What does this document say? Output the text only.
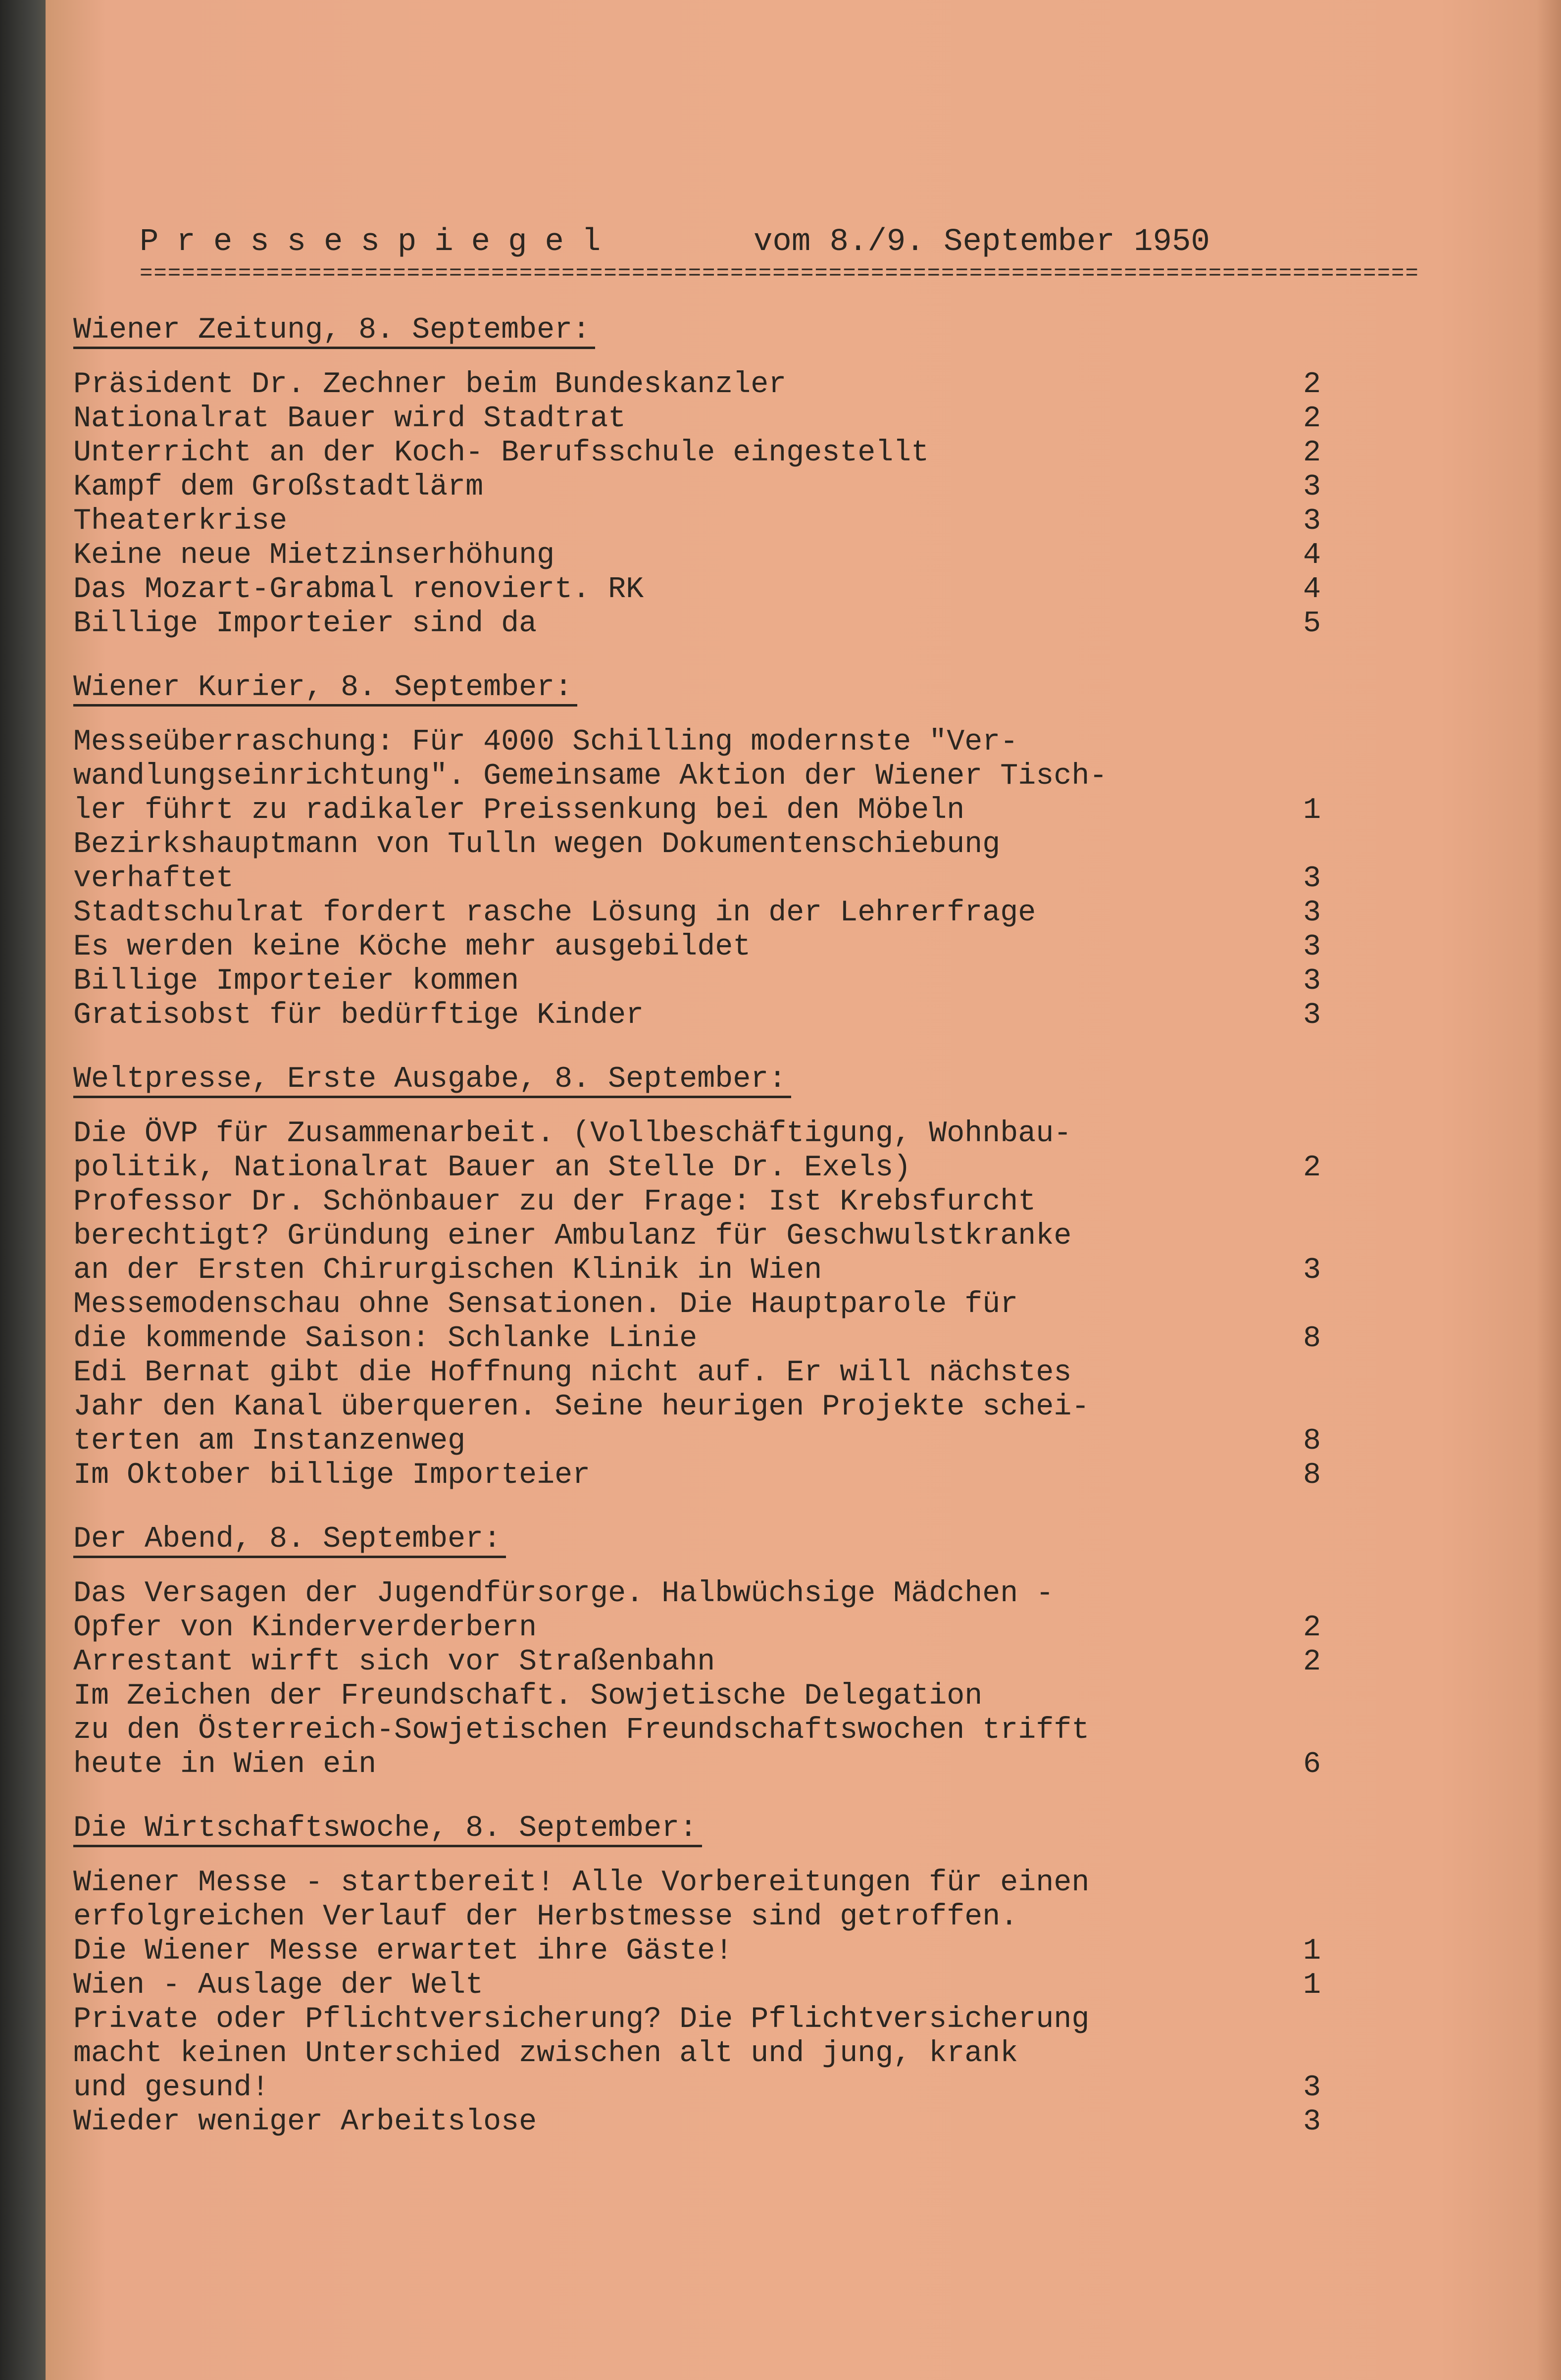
Pressespiegel	vom 8./9. September 1950
===========================================================================================
Wiener Zeitung, 8. September:
Präsident Dr. Zechner beim Bundeskanzler	2
Nationalrat Bauer wird Stadtrat	2
Unterricht an der Koch- Berufsschule eingestellt	2
Kampf dem Großstadtlärm	3
Theaterkrise	3
Keine neue Mietzinserhöhung	4
Das Mozart-Grabmal renoviert. RK	4
Billige Importeier sind da	5
Wiener Kurier, 8. September:
Messeüberraschung: Für 4000 Schilling modernste "Ver-
wandlungseinrichtung". Gemeinsame Aktion der Wiener Tisch-
ler führt zu radikaler Preissenkung bei den Möbeln	1
Bezirkshauptmann von Tulln wegen Dokumentenschiebung
verhaftet	3
Stadtschulrat fordert rasche Lösung in der Lehrerfrage	3
Es werden keine Köche mehr ausgebildet	3
Billige Importeier kommen	3
Gratisobst für bedürftige Kinder	3
Weltpresse, Erste Ausgabe, 8. September:
Die ÖVP für Zusammenarbeit. (Vollbeschäftigung, Wohnbau-
politik, Nationalrat Bauer an Stelle Dr. Exels)	2
Professor Dr. Schönbauer zu der Frage: Ist Krebsfurcht
berechtigt? Gründung einer Ambulanz für Geschwulstkranke
an der Ersten Chirurgischen Klinik in Wien	3
Messemodenschau ohne Sensationen. Die Hauptparole für
die kommende Saison: Schlanke Linie	8
Edi Bernat gibt die Hoffnung nicht auf. Er will nächstes
Jahr den Kanal überqueren. Seine heurigen Projekte schei-
terten am Instanzenweg	8
Im Oktober billige Importeier	8
Der Abend, 8. September:
Das Versagen der Jugendfürsorge. Halbwüchsige Mädchen -
Opfer von Kinderverderbern	2
Arrestant wirft sich vor Straßenbahn	2
Im Zeichen der Freundschaft. Sowjetische Delegation
zu den Österreich-Sowjetischen Freundschaftswochen trifft
heute in Wien ein	6
Die Wirtschaftswoche, 8. September:
Wiener Messe - startbereit! Alle Vorbereitungen für einen
erfolgreichen Verlauf der Herbstmesse sind getroffen.
Die Wiener Messe erwartet ihre Gäste!	1
Wien - Auslage der Welt	1
Private oder Pflichtversicherung? Die Pflichtversicherung
macht keinen Unterschied zwischen alt und jung, krank
und gesund!	3
Wieder weniger Arbeitslose	3
